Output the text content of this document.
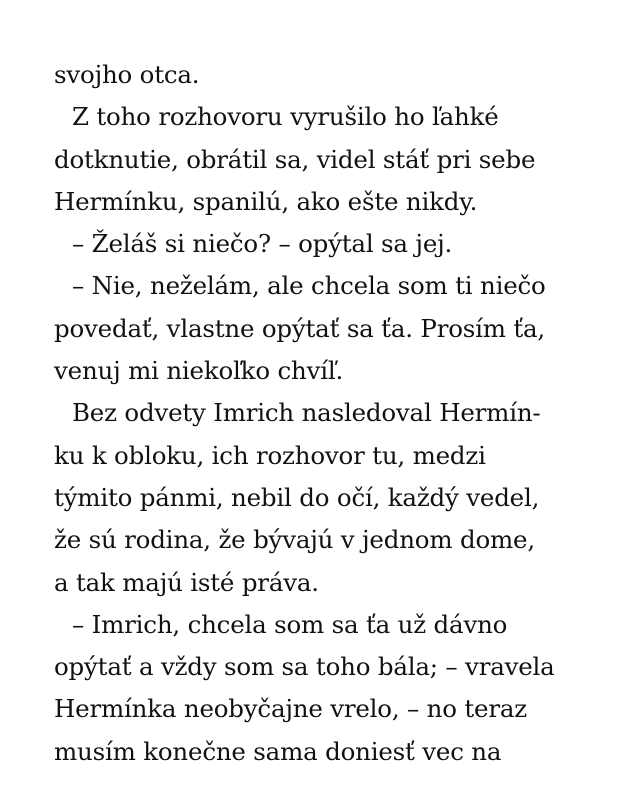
svojho otca.
Z toho rozhovoru vyrušilo ho ľahké
dotknutie, obrátil sa, videl stáť pri sebe
Hermínku, spanilú, ako ešte nikdy.
– Želáš si niečo? – opýtal sa jej.
– Nie, neželám, ale chcela som ti niečo
povedať, vlastne opýtať sa ťa. Prosím ťa,
venuj mi niekoľko chvíľ.
Bez odvety Imrich nasledoval Hermín-
ku k obloku, ich rozhovor tu, medzi
týmito pánmi, nebil do očí, každý vedel,
že sú rodina, že bývajú v jednom dome,
a tak majú isté práva.
– Imrich, chcela som sa ťa už dávno
opýtať a vždy som sa toho bála; – vravela
Hermínka neobyčajne vrelo, – no teraz
musím konečne sama doniesť vec na
